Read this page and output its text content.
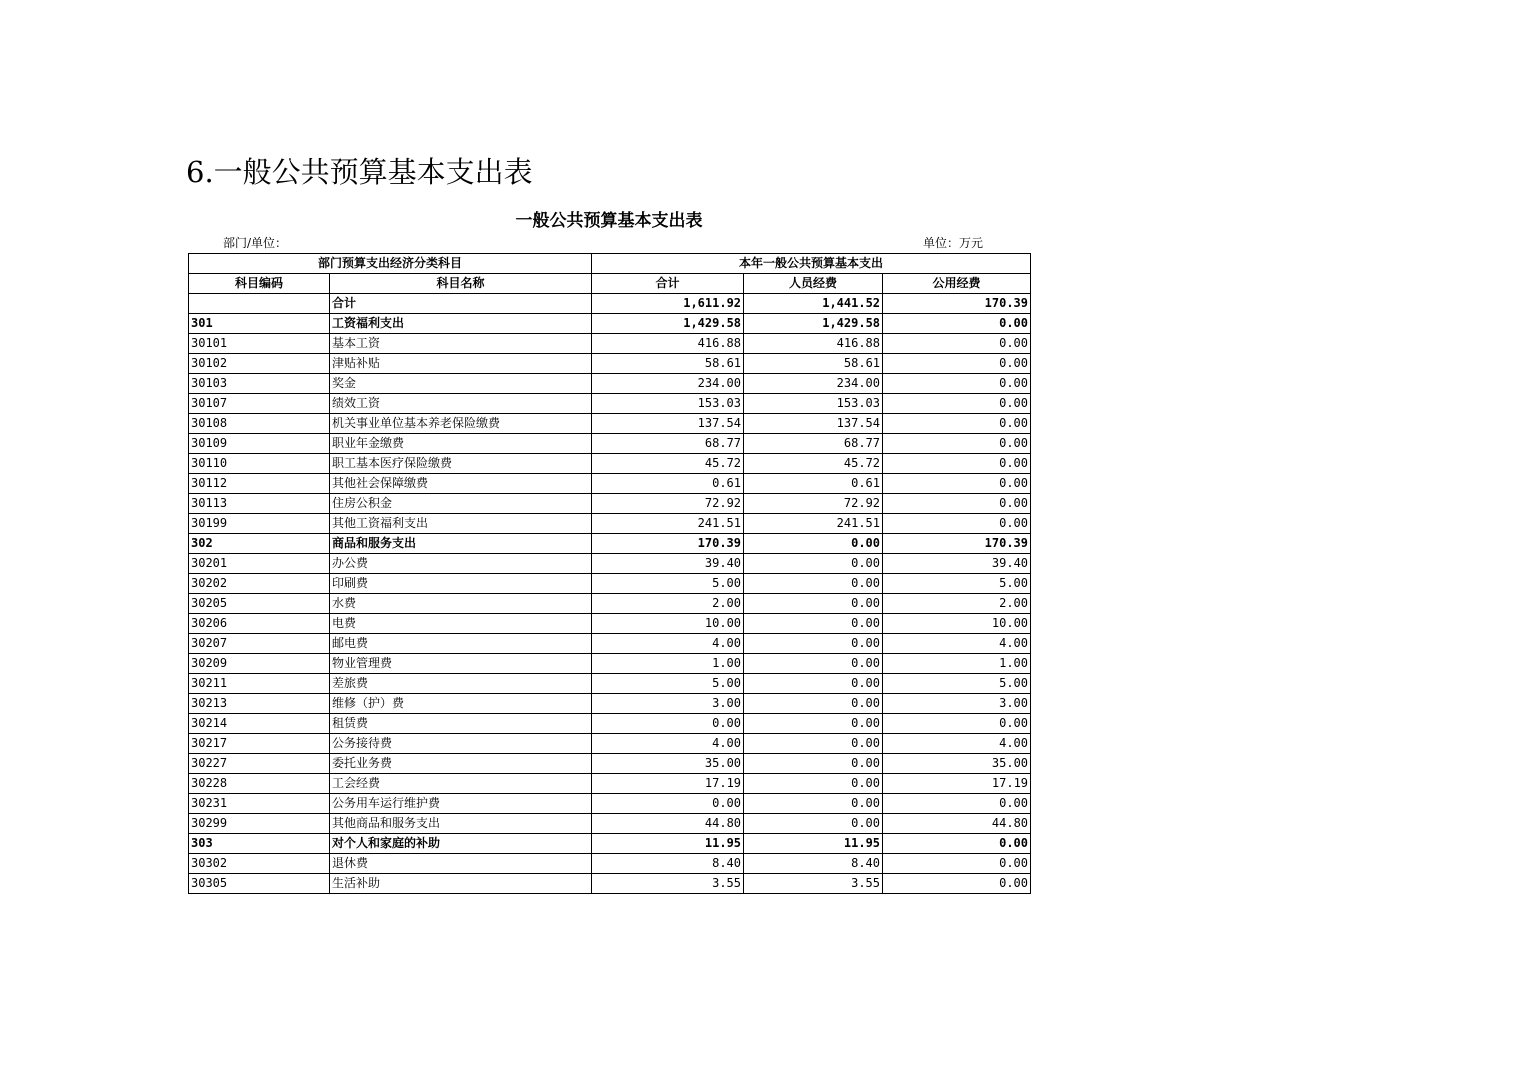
6.一般公共预算基本支出表
一般公共预算基本支出表
部门/单位：	单位：万元
部门预算支出经济分类科目		本年一般公共预算基本支出		
科目编码	科目名称	合计	人员经费	公用经费
	合计	1,611.92	1,441.52	170.39
301	工资福利支出	1,429.58	1,429.58	0.00
30101	基本工资	416.88	416.88	0.00
30102	津贴补贴	58.61	58.61	0.00
30103	奖金	234.00	234.00	0.00
30107	绩效工资	153.03	153.03	0.00
30108	机关事业单位基本养老保险缴费	137.54	137.54	0.00
30109	职业年金缴费	68.77	68.77	0.00
30110	职工基本医疗保险缴费	45.72	45.72	0.00
30112	其他社会保障缴费	0.61	0.61	0.00
30113	住房公积金	72.92	72.92	0.00
30199	其他工资福利支出	241.51	241.51	0.00
302	商品和服务支出	170.39	0.00	170.39
30201	办公费	39.40	0.00	39.40
30202	印刷费	5.00	0.00	5.00
30205	水费	2.00	0.00	2.00
30206	电费	10.00	0.00	10.00
30207	邮电费	4.00	0.00	4.00
30209	物业管理费	1.00	0.00	1.00
30211	差旅费	5.00	0.00	5.00
30213	维修（护）费	3.00	0.00	3.00
30214	租赁费	0.00	0.00	0.00
30217	公务接待费	4.00	0.00	4.00
30227	委托业务费	35.00	0.00	35.00
30228	工会经费	17.19	0.00	17.19
30231	公务用车运行维护费	0.00	0.00	0.00
30299	其他商品和服务支出	44.80	0.00	44.80
303	对个人和家庭的补助	11.95	11.95	0.00
30302	退休费	8.40	8.40	0.00
30305	生活补助	3.55	3.55	0.00
